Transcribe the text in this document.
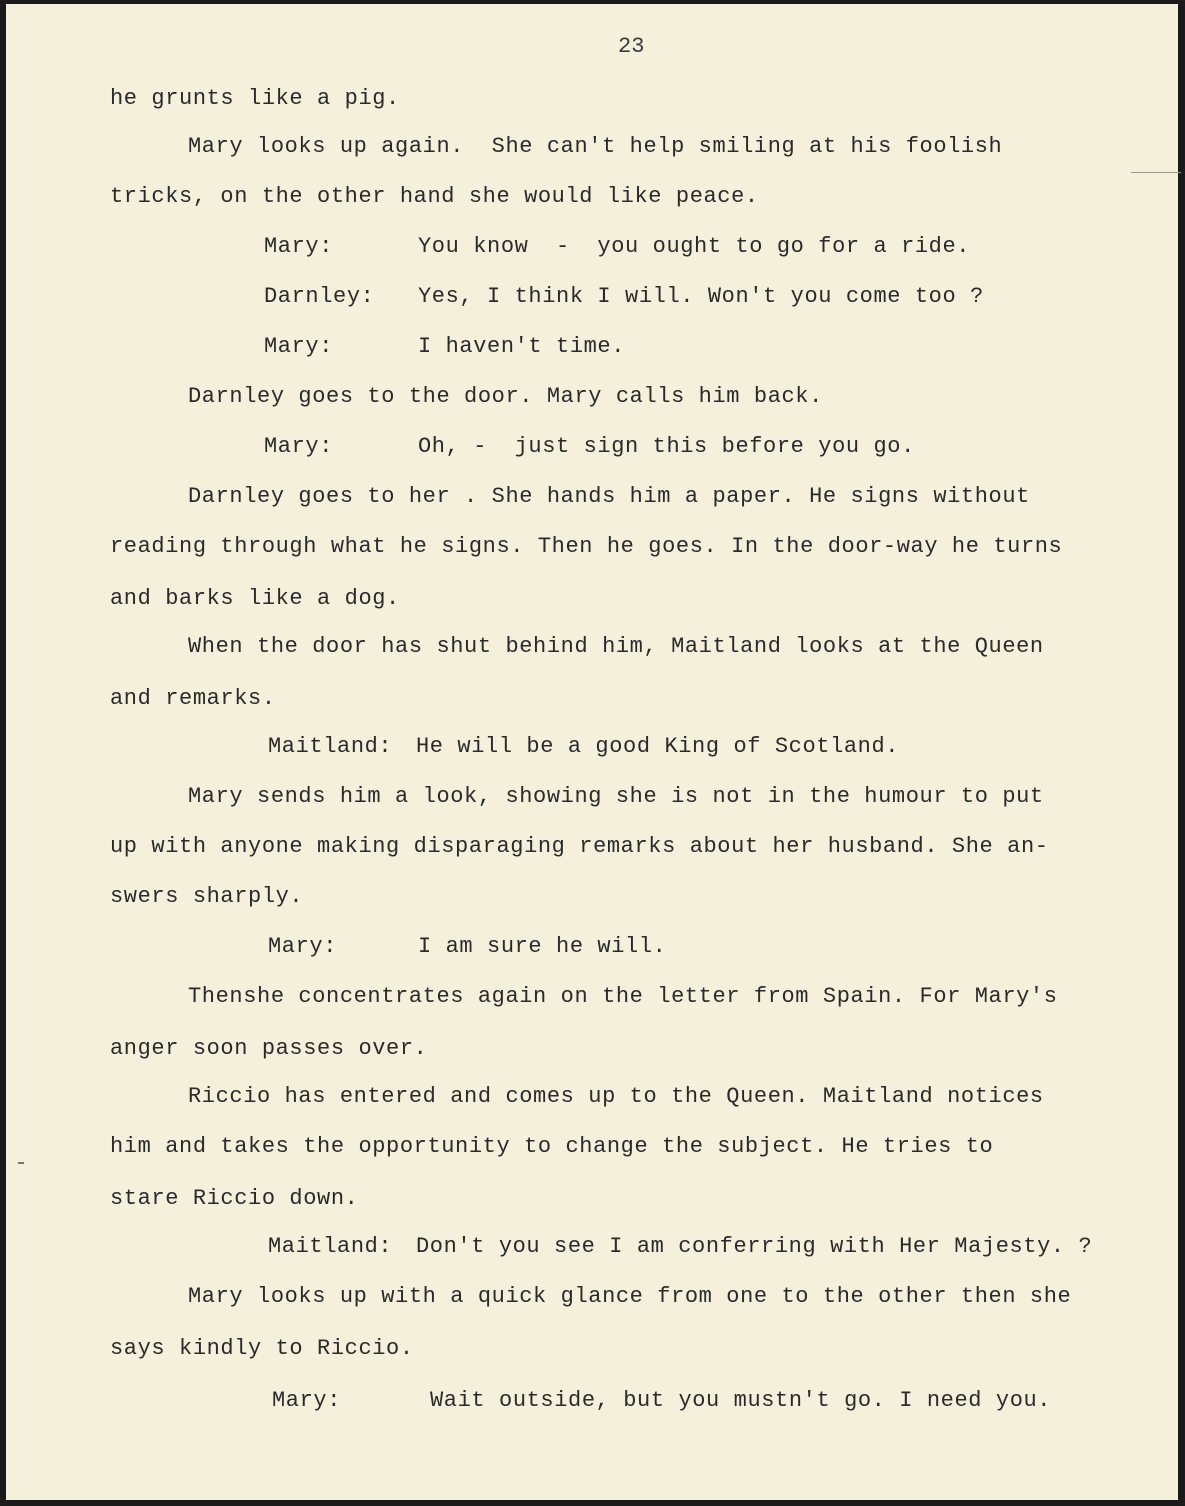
23
he grunts like a pig.
Mary looks up again.  She can't help smiling at his foolish
tricks, on the other hand she would like peace.
Mary:	You know  -  you ought to go for a ride.
Darnley: Yes, I think I will. Won't you come too ?
Mary:	I haven't time.
Darnley goes to the door. Mary calls him back.
Mary:	Oh, -  just sign this before you go.
Darnley goes to her . She hands him a paper. He signs without
reading through what he signs. Then he goes. In the door-way he turns
and barks like a dog.
When the door has shut behind him, Maitland looks at the Queen
and remarks.
Maitland: He will be a good King of Scotland.
Mary sends him a look, showing she is not in the humour to put
up with anyone making disparaging remarks about her husband. She an-
swers sharply.
Mary:	I am sure he will.
Thenshe concentrates again on the letter from Spain. For Mary's
anger soon passes over.
Riccio has entered and comes up to the Queen. Maitland notices
him and takes the opportunity to change the subject. He tries to
stare Riccio down.
Maitland: Don't you see I am conferring with Her Majesty. ?
Mary looks up with a quick glance from one to the other then she
says kindly to Riccio.
Mary:	Wait outside, but you mustn't go. I need you.
